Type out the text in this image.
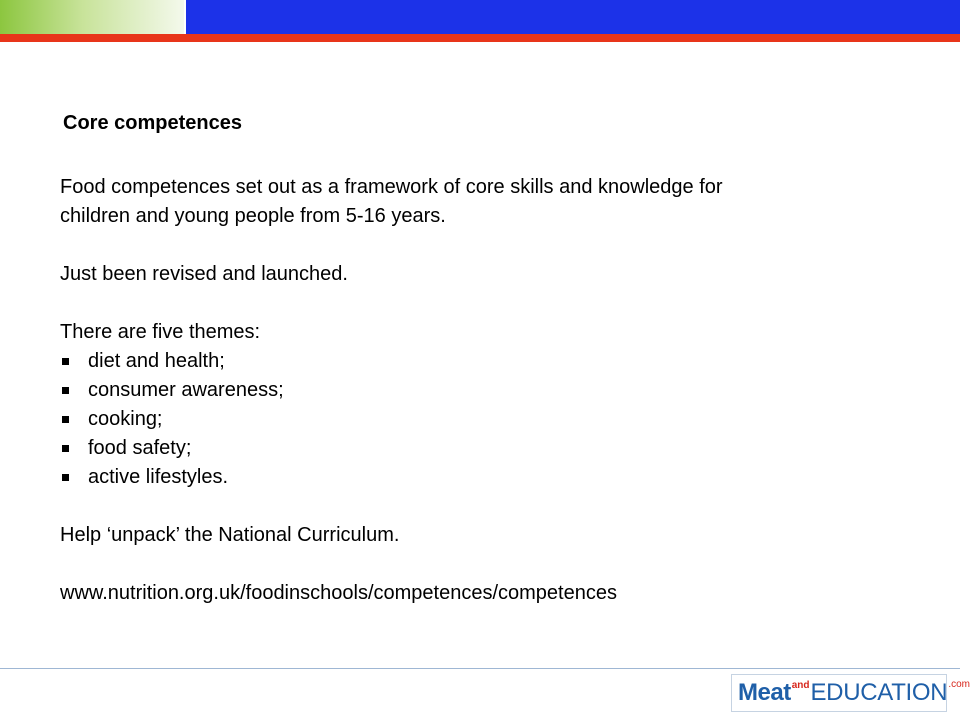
Core competences

Food competences set out as a framework of core skills and knowledge for children and young people from 5-16 years.

Just been revised and launched.

There are five themes:

diet and health;
consumer awareness;
cooking;
food safety;
active lifestyles.

Help ‘unpack’ the National Curriculum.

www.nutrition.org.uk/foodinschools/competences/competences

Meat and EDUCATION .com
